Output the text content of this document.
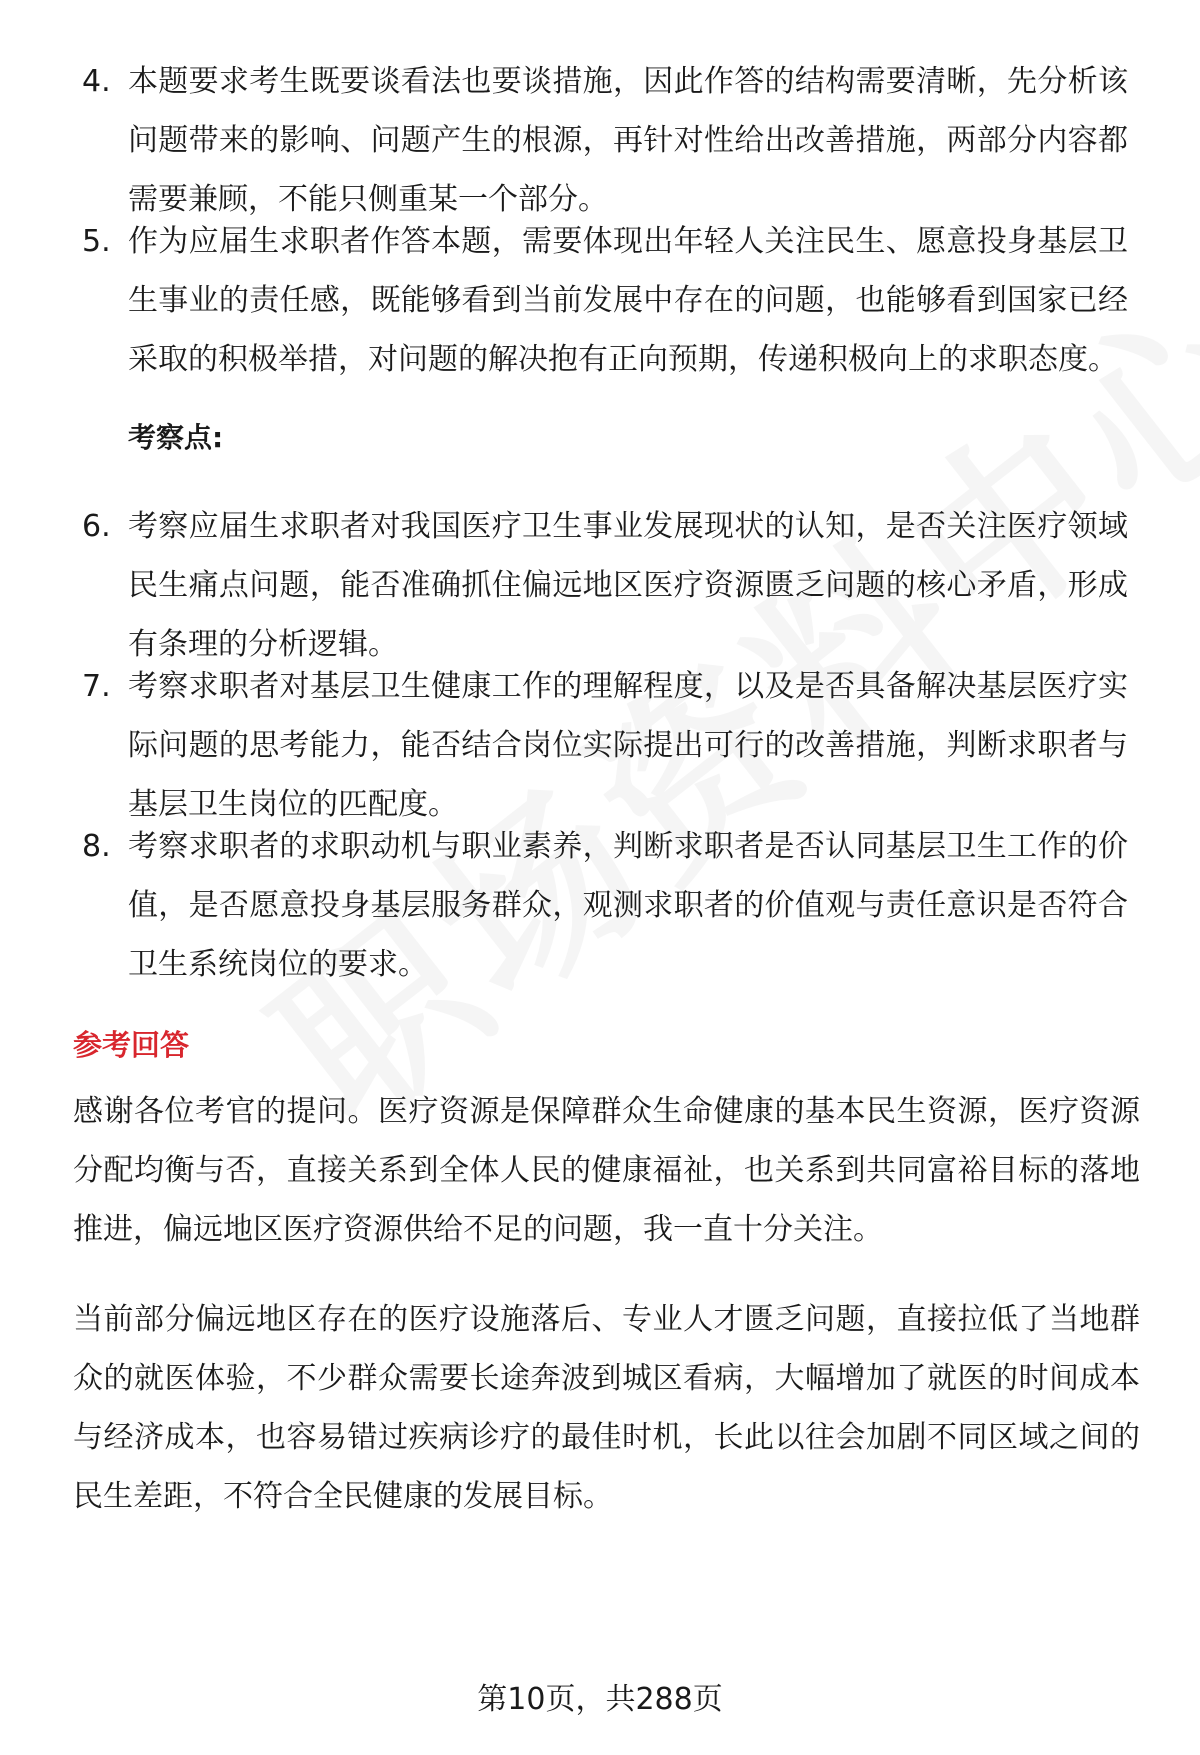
4. 本题要求考生既要谈看法也要谈措施，因此作答的结构需要清晰，先分析该问题带来的影响、问题产生的根源，再针对性给出改善措施，两部分内容都需要兼顾，不能只侧重某一个部分。
5. 作为应届生求职者作答本题，需要体现出年轻人关注民生、愿意投身基层卫生事业的责任感，既能够看到当前发展中存在的问题，也能够看到国家已经采取的积极举措，对问题的解决抱有正向预期，传递积极向上的求职态度。
考察点:
6. 考察应届生求职者对我国医疗卫生事业发展现状的认知，是否关注医疗领域民生痛点问题，能否准确抓住偏远地区医疗资源匮乏问题的核心矛盾，形成有条理的分析逻辑。
7. 考察求职者对基层卫生健康工作的理解程度，以及是否具备解决基层医疗实际问题的思考能力，能否结合岗位实际提出可行的改善措施，判断求职者与基层卫生岗位的匹配度。
8. 考察求职者的求职动机与职业素养，判断求职者是否认同基层卫生工作的价值，是否愿意投身基层服务群众，观测求职者的价值观与责任意识是否符合卫生系统岗位的要求。
参考回答
感谢各位考官的提问。医疗资源是保障群众生命健康的基本民生资源，医疗资源分配均衡与否，直接关系到全体人民的健康福祉，也关系到共同富裕目标的落地推进，偏远地区医疗资源供给不足的问题，我一直十分关注。
当前部分偏远地区存在的医疗设施落后、专业人才匮乏问题，直接拉低了当地群众的就医体验，不少群众需要长途奔波到城区看病，大幅增加了就医的时间成本与经济成本，也容易错过疾病诊疗的最佳时机，长此以往会加剧不同区域之间的民生差距，不符合全民健康的发展目标。
第10页，共288页
